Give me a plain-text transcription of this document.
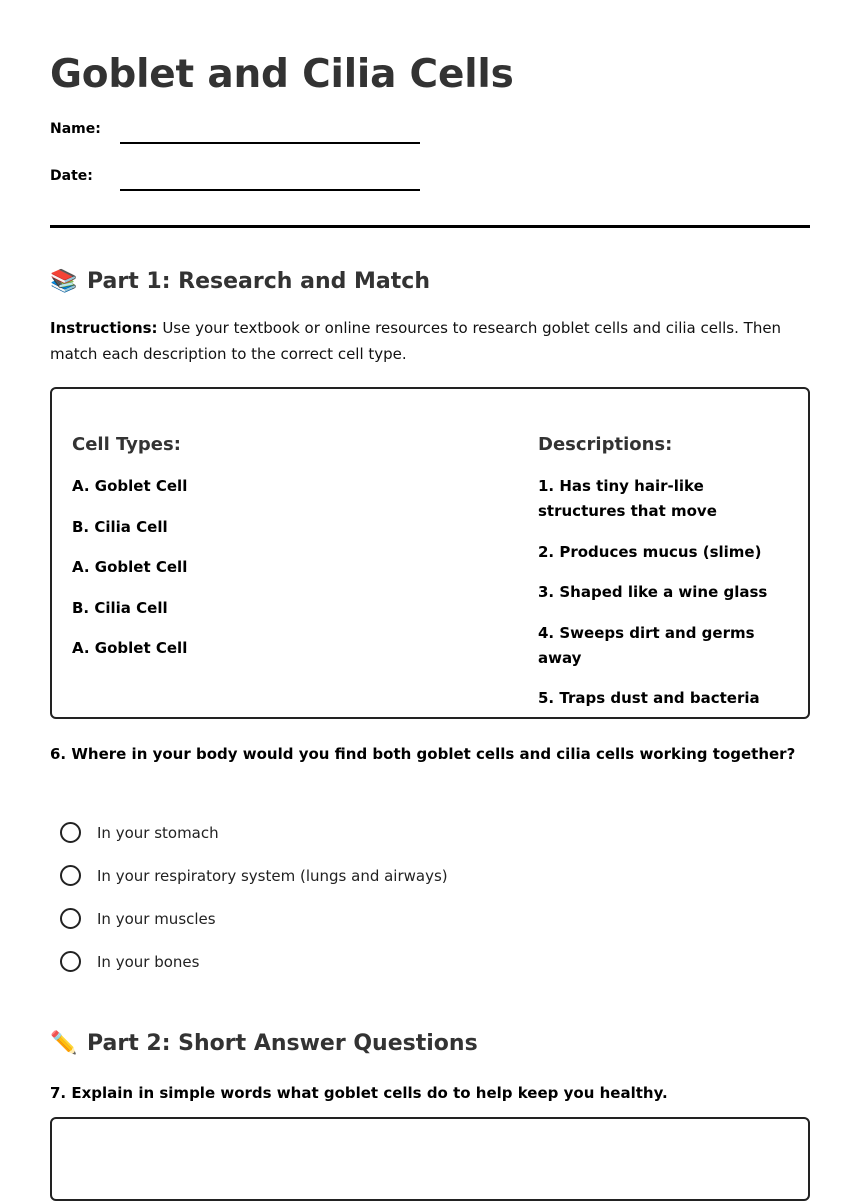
Goblet and Cilia Cells
Name:
Date:
📚 Part 1: Research and Match

Instructions: Use your textbook or online resources to research goblet cells and cilia cells. Then match each description to the correct cell type.

Cell Types:
A. Goblet Cell
B. Cilia Cell
A. Goblet Cell
B. Cilia Cell
A. Goblet Cell
Descriptions:
1. Has tiny hair-like structures that move
2. Produces mucus (slime)
3. Shaped like a wine glass
4. Sweeps dirt and germs away
5. Traps dust and bacteria

6. Where in your body would you find both goblet cells and cilia cells working together?

In your stomach
In your respiratory system (lungs and airways)
In your muscles
In your bones
✏️ Part 2: Short Answer Questions

7. Explain in simple words what goblet cells do to help keep you healthy.
